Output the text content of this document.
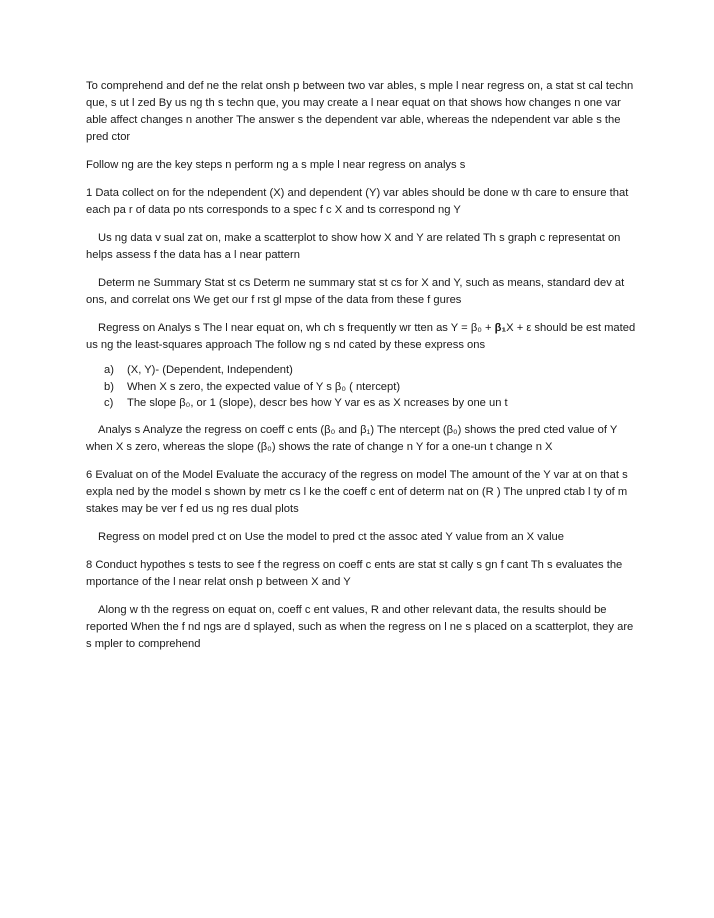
To comprehend and def ne the relat onsh p between two var ables, s mple l near regress on, a stat st cal techn que, s ut l zed By us ng th s techn que, you may create a l near equat on that shows how changes n one var able affect changes n another The answer s the dependent var able, whereas the ndependent var able s the pred ctor

Follow ng are the key steps n perform ng a s mple l near regress on analys s

1 Data collect on for the ndependent (X) and dependent (Y) var ables should be done w th care to ensure that each pa r of data po nts corresponds to a spec f c X and ts correspond ng Y

Us ng data v sual zat on, make a scatterplot to show how X and Y are related Th s graph c representat on helps assess f the data has a l near pattern

Determ ne Summary Stat st cs Determ ne summary stat st cs for X and Y, such as means, standard dev at ons, and correlat ons We get our f rst gl mpse of the data from these f gures

Regress on Analys s The l near equat on, wh ch s frequently wr tten as Y = β₀ + β₁X + ε should be est mated us ng the least-squares approach The follow ng s nd cated by these express ons

a)	(X, Y)- (Dependent, Independent)
b)	When X s zero, the expected value of Y s β₀ ( ntercept)
c)	The slope β₀, or 1 (slope), descr bes how Y var es as X ncreases by one un t

Analys s Analyze the regress on coeff c ents (β₀ and β₁) The ntercept (β₀) shows the pred cted value of Y when X s zero, whereas the slope (β₀) shows the rate of change n Y for a one-un t change n X

6 Evaluat on of the Model Evaluate the accuracy of the regress on model The amount of the Y var at on that s expla ned by the model s shown by metr cs l ke the coeff c ent of determ nat on (R ) The unpred ctab l ty of m stakes may be ver f ed us ng res dual plots

Regress on model pred ct on Use the model to pred ct the assoc ated Y value from an X value

8 Conduct hypothes s tests to see f the regress on coeff c ents are stat st cally s gn f cant Th s evaluates the mportance of the l near relat onsh p between X and Y

Along w th the regress on equat on, coeff c ent values, R and other relevant data, the results should be reported When the f nd ngs are d splayed, such as when the regress on l ne s placed on a scatterplot, they are s mpler to comprehend
